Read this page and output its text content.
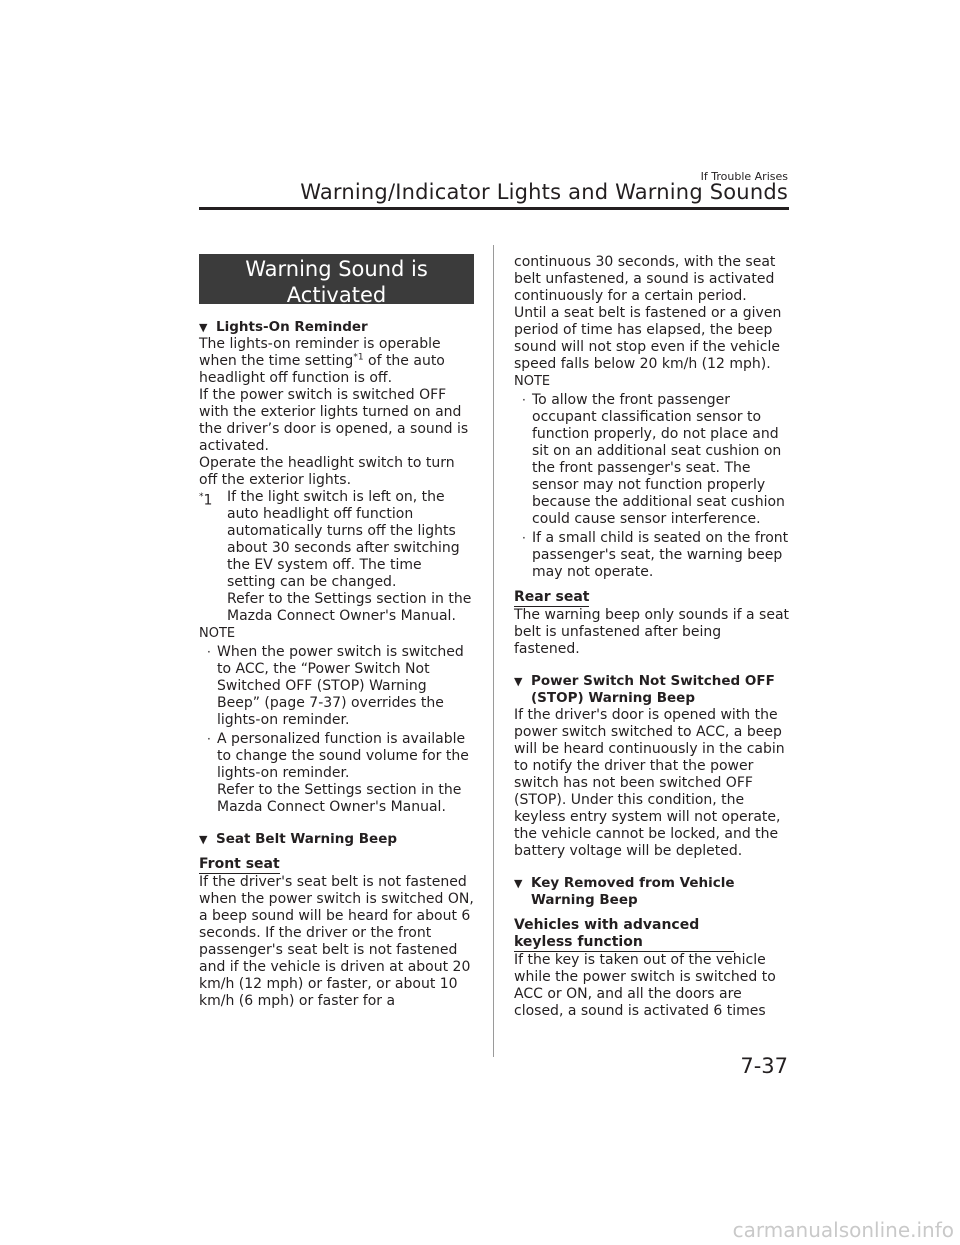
If Trouble Arises
Warning/Indicator Lights and Warning Sounds
Warning Sound is
Activated
▼ Lights-On Reminder

The lights-on reminder is operable when the time setting$^{*1}$ of the auto headlight off function is off.

If the power switch is switched OFF with the exterior lights turned on and the driver’s door is opened, a sound is activated.

Operate the headlight switch to turn off the exterior lights.

*1	If the light switch is left on, the auto headlight off function automatically turns off the lights about 30 seconds after switching the EV system off. The time setting can be changed.

Refer to the Settings section in the Mazda Connect Owner's Manual.

NOTE

· When the power switch is switched to ACC, the “Power Switch Not Switched OFF (STOP) Warning Beep” (page 7-37) overrides the lights-on reminder.
· A personalized function is available to change the sound volume for the lights-on reminder.
Refer to the Settings section in the Mazda Connect Owner's Manual.
▼ Seat Belt Warning Beep
Front seat

If the driver's seat belt is not fastened when the power switch is switched ON, a beep sound will be heard for about 6 seconds. If the driver or the front passenger's seat belt is not fastened and if the vehicle is driven at about 20 km/h (12 mph) or faster, or about 10 km/h (6 mph) or faster for a

continuous 30 seconds, with the seat belt unfastened, a sound is activated continuously for a certain period.

Until a seat belt is fastened or a given period of time has elapsed, the beep sound will not stop even if the vehicle speed falls below 20 km/h (12 mph).

NOTE

· To allow the front passenger occupant classification sensor to function properly, do not place and sit on an additional seat cushion on the front passenger's seat. The sensor may not function properly because the additional seat cushion could cause sensor interference.
· If a small child is seated on the front passenger's seat, the warning beep may not operate.
Rear seat

The warning beep only sounds if a seat belt is unfastened after being fastened.

▼ Power Switch Not Switched OFF
(STOP) Warning Beep

If the driver's door is opened with the power switch switched to ACC, a beep will be heard continuously in the cabin to notify the driver that the power switch has not been switched OFF (STOP). Under this condition, the keyless entry system will not operate, the vehicle cannot be locked, and the battery voltage will be depleted.

▼ Key Removed from Vehicle
Warning Beep
Vehicles with advanced keyless function

If the key is taken out of the vehicle while the power switch is switched to ACC or ON, and all the doors are closed, a sound is activated 6 times

7-37
carmanualsonline.info
